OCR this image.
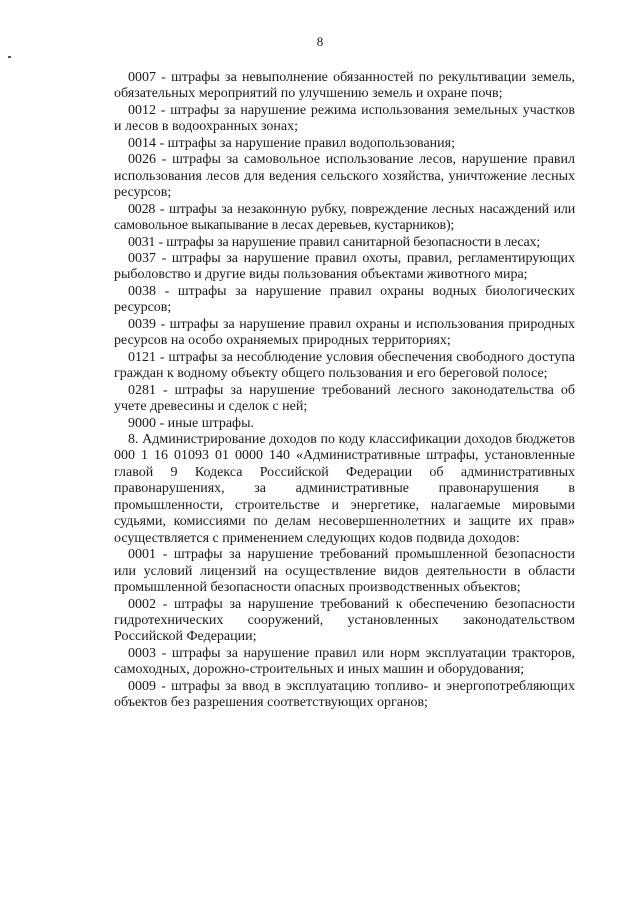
8

0007 - штрафы за невыполнение обязанностей по рекультивации земель, обязательных мероприятий по улучшению земель и охране почв;

0012 - штрафы за нарушение режима использования земельных участков и лесов в водоохранных зонах;

0014 - штрафы за нарушение правил водопользования;

0026 - штрафы за самовольное использование лесов, нарушение правил использования лесов для ведения сельского хозяйства, уничтожение лесных ресурсов;

0028 - штрафы за незаконную рубку, повреждение лесных насаждений или самовольное выкапывание в лесах деревьев, кустарников);

0031 - штрафы за нарушение правил санитарной безопасности в лесах;

0037 - штрафы за нарушение правил охоты, правил, регламентирующих рыболовство и другие виды пользования объектами животного мира;

0038 - штрафы за нарушение правил охраны водных биологических ресурсов;

0039 - штрафы за нарушение правил охраны и использования природных ресурсов на особо охраняемых природных территориях;

0121 - штрафы за несоблюдение условия обеспечения свободного доступа граждан к водному объекту общего пользования и его береговой полосе;

0281 - штрафы за нарушение требований лесного законодательства об учете древесины и сделок с ней;

9000 - иные штрафы.

8. Администрирование доходов по коду классификации доходов бюджетов 000 1 16 01093 01 0000 140 «Административные штрафы, установленные главой 9 Кодекса Российской Федерации об административных правонарушениях, за административные правонарушения в промышленности, строительстве и энергетике, налагаемые мировыми судьями, комиссиями по делам несовершеннолетних и защите их прав» осуществляется с применением следующих кодов подвида доходов:

0001 - штрафы за нарушение требований промышленной безопасности или условий лицензий на осуществление видов деятельности в области промышленной безопасности опасных производственных объектов;

0002 - штрафы за нарушение требований к обеспечению безопасности гидротехнических сооружений, установленных законодательством Российской Федерации;

0003 - штрафы за нарушение правил или норм эксплуатации тракторов, самоходных, дорожно-строительных и иных машин и оборудования;

0009 - штрафы за ввод в эксплуатацию топливо- и энергопотребляющих объектов без разрешения соответствующих органов;
